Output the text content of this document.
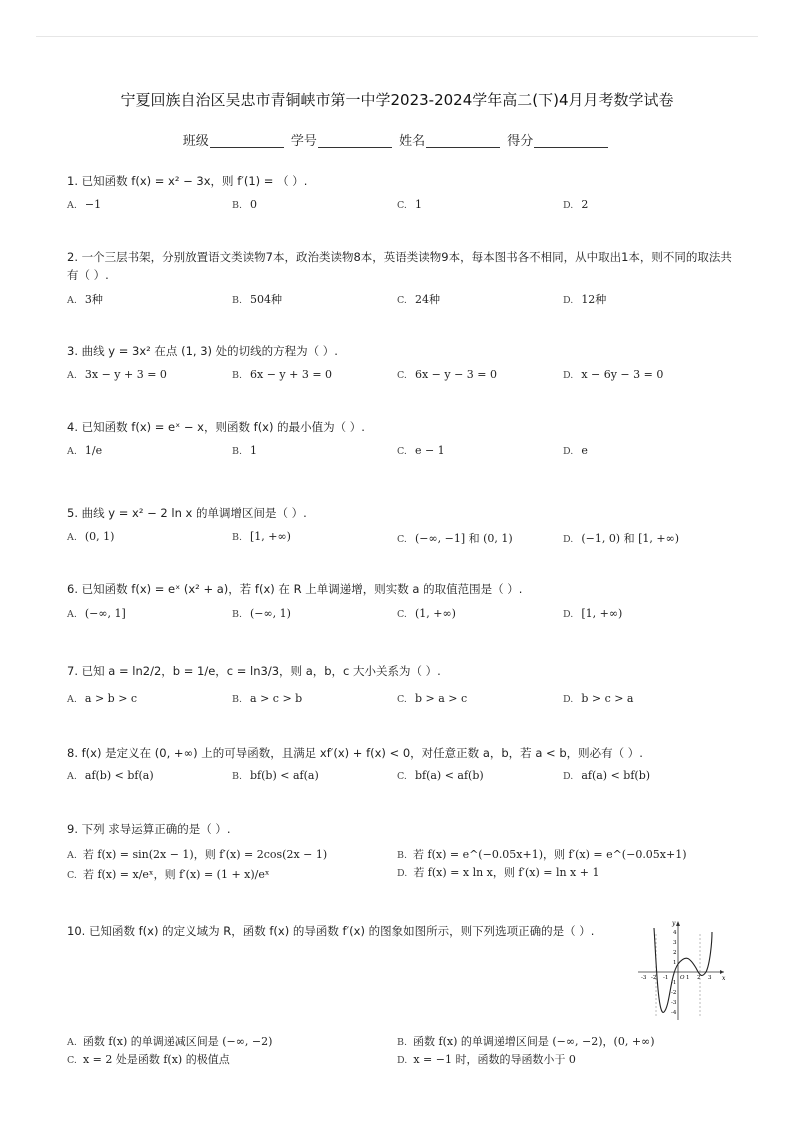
宁夏回族自治区吴忠市青铜峡市第一中学2023-2024学年高二(下)4月月考数学试卷
班级	学号	姓名	得分
1. 已知函数 f(x) = x² − 3x，则 f′(1) = （ ）.
A. −1	B. 0	C. 1	D. 2
2. 一个三层书架，分别放置语文类读物7本，政治类读物8本，英语类读物9本，每本图书各不相同，从中取出1本，则不同的取法共有（ ）.
A. 3种	B. 504种	C. 24种	D. 12种
3. 曲线 y = 3x² 在点 (1, 3) 处的切线的方程为（ ）.
A. 3x − y + 3 = 0	B. 6x − y + 3 = 0	C. 6x − y − 3 = 0	D. x − 6y − 3 = 0
4. 已知函数 f(x) = eˣ − x，则函数 f(x) 的最小值为（ ）.
A. 1/e	B. 1	C. e − 1	D. e
5. 曲线 y = x² − 2 ln x 的单调增区间是（ ）.
A. (0, 1)	B. [1, +∞)	C. (−∞, −1] 和 (0, 1)	D. (−1, 0) 和 [1, +∞)
6. 已知函数 f(x) = eˣ (x² + a)，若 f(x) 在 R 上单调递增，则实数 a 的取值范围是（ ）.
A. (−∞, 1]	B. (−∞, 1)	C. (1, +∞)	D. [1, +∞)
7. 已知 a = ln2/2，b = 1/e，c = ln3/3，则 a，b，c 大小关系为（ ）.
A. a > b > c	B. a > c > b	C. b > a > c	D. b > c > a
8. f(x) 是定义在 (0, +∞) 上的可导函数，且满足 xf′(x) + f(x) < 0，对任意正数 a，b，若 a < b，则必有（ ）.
A. af(b) < bf(a)	B. bf(b) < af(a)	C. bf(a) < af(b)	D. af(a) < bf(b)
9. 下列 求导运算正确的是（ ）.
A. 若 f(x) = sin(2x − 1)，则 f′(x) = 2cos(2x − 1)	B. 若 f(x) = e^(−0.05x+1)，则 f′(x) = e^(−0.05x+1)
C. 若 f(x) = x/eˣ，则 f′(x) = (1 + x)/eˣ	D. 若 f(x) = x ln x，则 f′(x) = ln x + 1
10. 已知函数 f(x) 的定义域为 R，函数 f(x) 的导函数 f′(x) 的图象如图所示，则下列选项正确的是（ ）.
x
y
O
-3 -2 -1	1 2 3
4
3
2
1
-1
-2
-3
-4
A. 函数 f(x) 的单调递减区间是 (−∞, −2)	B. 函数 f(x) 的单调递增区间是 (−∞, −2)，(0, +∞)
C. x = 2 处是函数 f(x) 的极值点	D. x = −1 时，函数的导函数小于 0
